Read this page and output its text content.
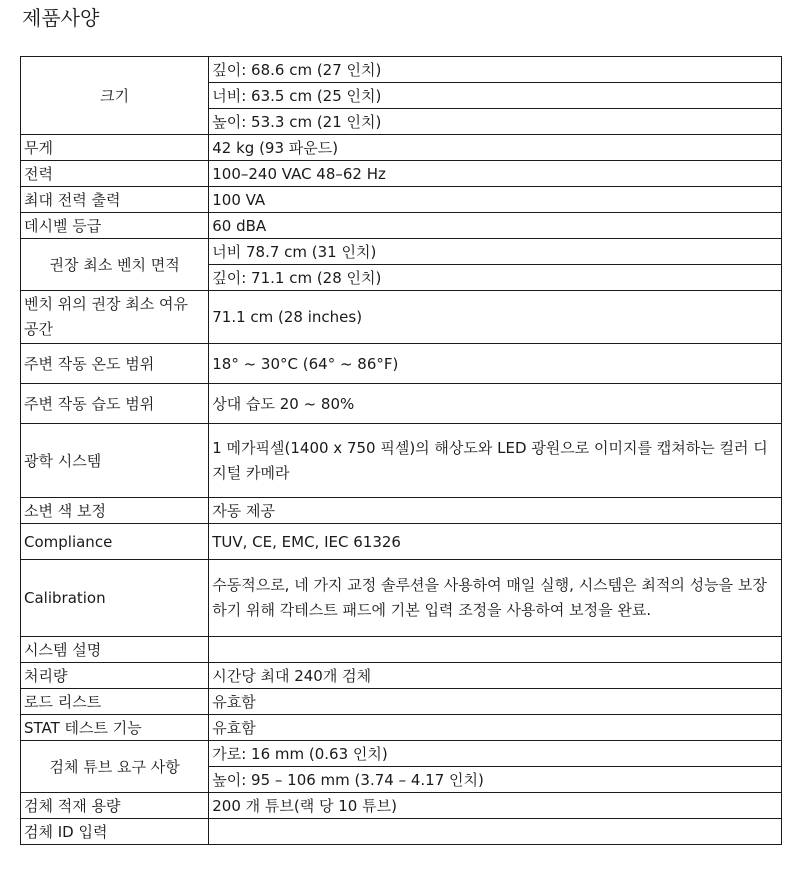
제품사양
크기	깊이: 68.6 cm (27 인치)
	너비: 63.5 cm (25 인치)
	높이: 53.3 cm (21 인치)
무게	42 kg (93 파운드)
전력	100–240 VAC 48–62 Hz
최대 전력 출력	100 VA
데시벨 등급	60 dBA
권장 최소 벤치 면적	너비 78.7 cm (31 인치)
	깊이: 71.1 cm (28 인치)
벤치 위의 권장 최소 여유 공간	71.1 cm (28 inches)
주변 작동 온도 범위	18° ~ 30°C (64° ~ 86°F)
주변 작동 습도 범위	상대 습도 20 ~ 80%
광학 시스템	1 메가픽셀(1400 x 750 픽셀)의 해상도와 LED 광원으로 이미지를 캡쳐하는 컬러 디지털 카메라
소변 색 보정	자동 제공
Compliance	TUV, CE, EMC, IEC 61326
Calibration	수동적으로, 네 가지 교정 솔루션을 사용하여 매일 실행, 시스템은 최적의 성능을 보장하기 위해 각테스트 패드에 기본 입력 조정을 사용하여 보정을 완료.
시스템 설명	
처리량	시간당 최대 240개 검체
로드 리스트	유효함
STAT 테스트 기능	유효함
검체 튜브 요구 사항	가로: 16 mm (0.63 인치)
	높이: 95 – 106 mm (3.74 – 4.17 인치)
검체 적재 용량	200 개 튜브(랙 당 10 튜브)
검체 ID 입력	
